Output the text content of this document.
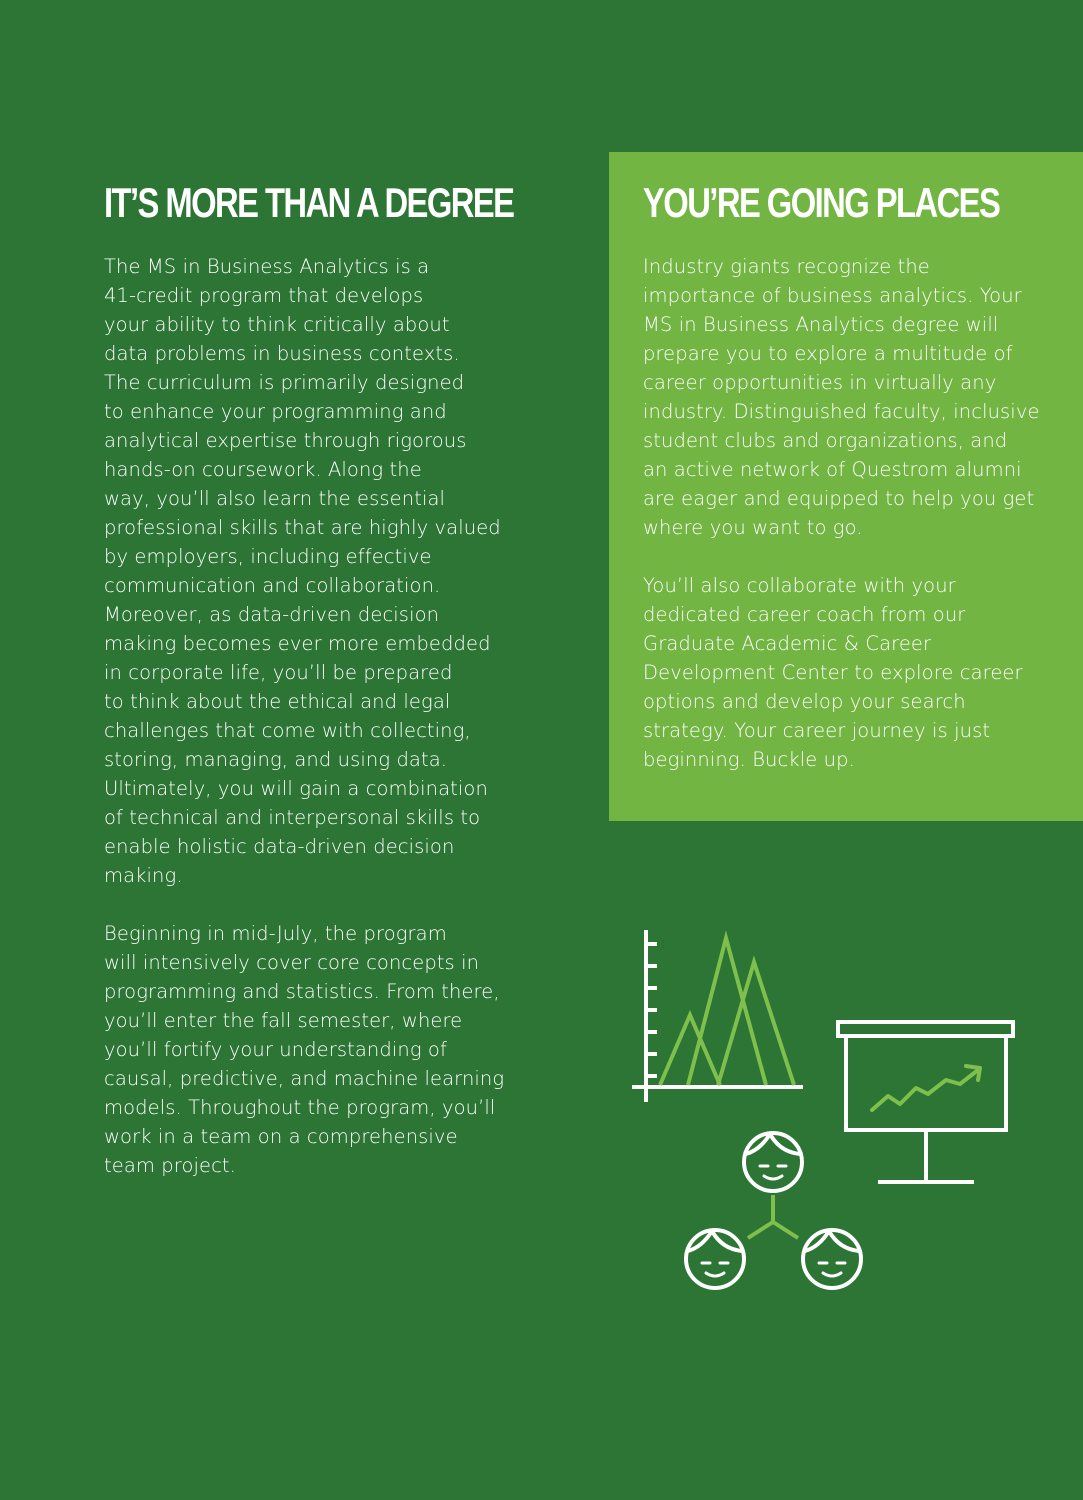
IT’S MORE THAN A DEGREE

The MS in Business Analytics is a
41-credit program that develops
your ability to think critically about
data problems in business contexts.
The curriculum is primarily designed
to enhance your programming and
analytical expertise through rigorous
hands-on coursework. Along the
way, you’ll also learn the essential
professional skills that are highly valued
by employers, including effective
communication and collaboration.
Moreover, as data-driven decision
making becomes ever more embedded
in corporate life, you’ll be prepared
to think about the ethical and legal
challenges that come with collecting,
storing, managing, and using data.
Ultimately, you will gain a combination
of technical and interpersonal skills to
enable holistic data-driven decision
making.

Beginning in mid-July, the program
will intensively cover core concepts in
programming and statistics. From there,
you’ll enter the fall semester, where
you’ll fortify your understanding of
causal, predictive, and machine learning
models. Throughout the program, you’ll
work in a team on a comprehensive
team project.

YOU’RE GOING PLACES

Industry giants recognize the
importance of business analytics. Your
MS in Business Analytics degree will
prepare you to explore a multitude of
career opportunities in virtually any
industry. Distinguished faculty, inclusive
student clubs and organizations, and
an active network of Questrom alumni
are eager and equipped to help you get
where you want to go.

You’ll also collaborate with your
dedicated career coach from our
Graduate Academic & Career
Development Center to explore career
options and develop your search
strategy. Your career journey is just
beginning. Buckle up.
